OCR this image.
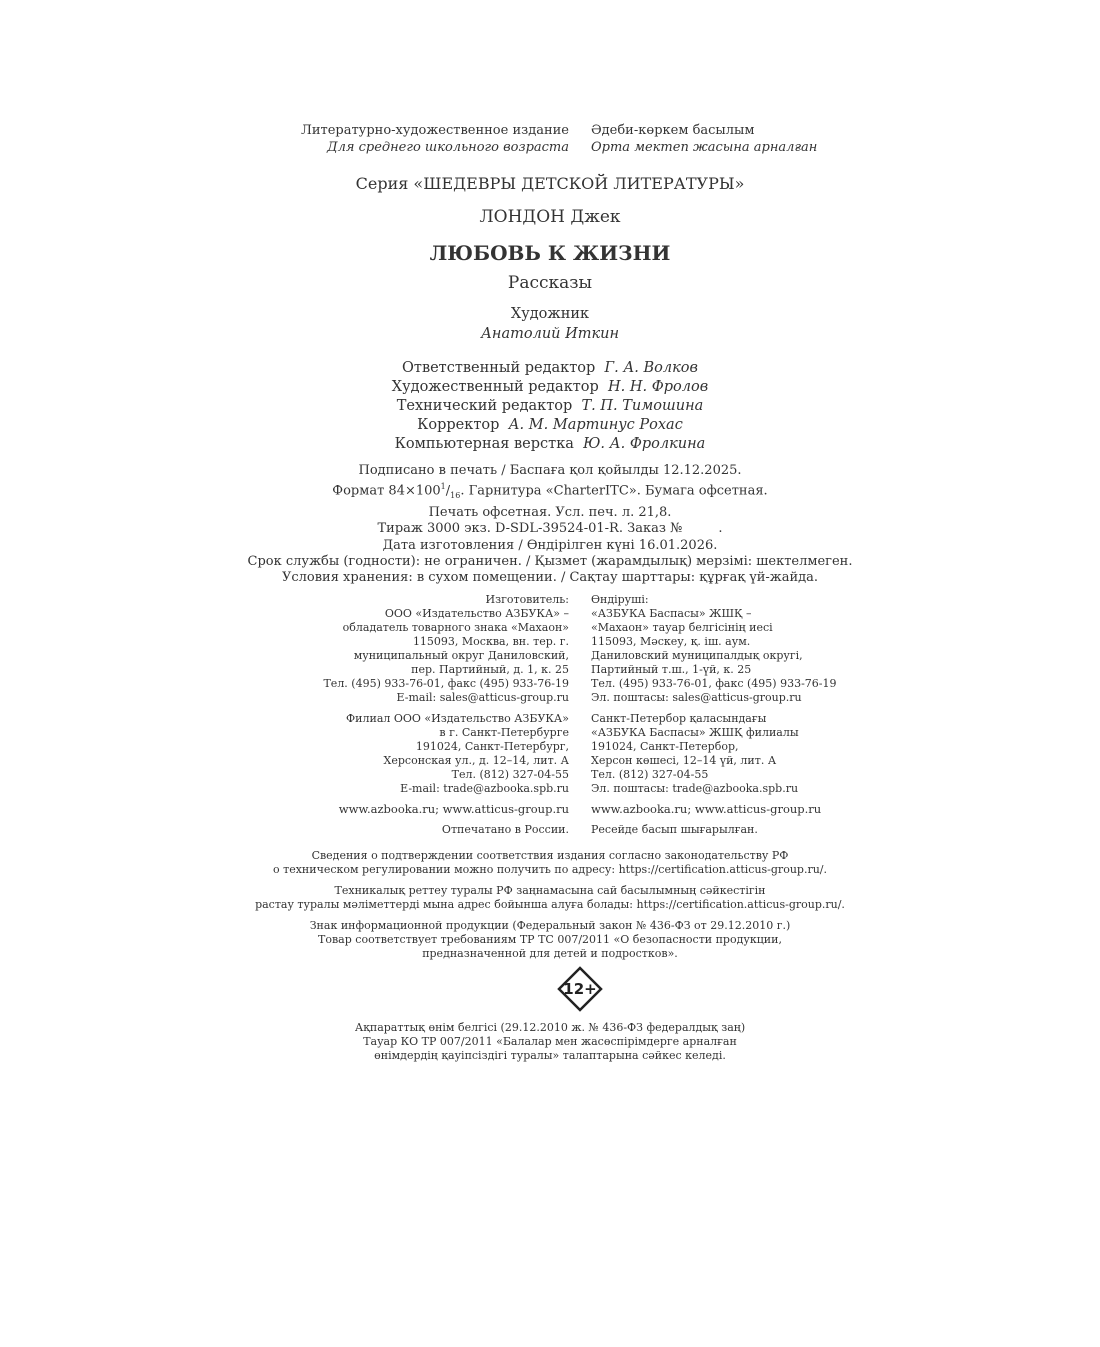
Литературно-художественное издание Әдеби-көркем басылым
Для среднего школьного возраста Орта мектеп жасына арналған
Серия «ШЕДЕВРЫ ДЕТСКОЙ ЛИТЕРАТУРЫ»
ЛОНДОН Джек
ЛЮБОВЬ К ЖИЗНИ
Рассказы
Художник
Анатолий Иткин
Ответственный редактор Г. А. Волков
Художественный редактор Н. Н. Фролов
Технический редактор Т. П. Тимошина
Корректор А. М. Мартинус Рохас
Компьютерная верстка Ю. А. Фролкина
Подписано в печать / Баспаға қол қойылды 12.12.2025.
Формат $84\times 100^1/_{16}$. Гарнитура «CharterITC». Бумага офсетная.
Печать офсетная. Усл. печ. л. 21,8.
Тираж 3000 экз. D-SDL-39524-01-R. Заказ №	.
Дата изготовления / Өндірілген күні 16.01.2026.
Срок службы (годности): не ограничен. / Қызмет (жарамдылық) мерзімі: шектелмеген.
Условия хранения: в сухом помещении. / Сақтау шарттары: құрғақ үй-жайда.
Изготовитель:
ООО «Издательство АЗБУКА» –
обладатель товарного знака «Махаон»
115093, Москва, вн. тер. г.
муниципальный округ Даниловский,
пер. Партийный, д. 1, к. 25
Тел. (495) 933-76-01, факс (495) 933-76-19
E-mail: sales@atticus-group.ru
Өндіруші:
«АЗБУКА Баспасы» ЖШҚ –
«Махаон» тауар белгісінің иесі
115093, Мәскеу, қ. іш. аум.
Даниловский муниципалдық округі,
Партийный т.ш., 1-үй, к. 25
Тел. (495) 933-76-01, факс (495) 933-76-19
Эл. поштасы: sales@atticus-group.ru
Филиал ООО «Издательство АЗБУКА»
в г. Санкт-Петербурге
191024, Санкт-Петербург,
Херсонская ул., д. 12–14, лит. А
Тел. (812) 327-04-55
E-mail: trade@azbooka.spb.ru
Санкт-Петербор қаласындағы
«АЗБУКА Баспасы» ЖШҚ филиалы
191024, Санкт-Петербор,
Херсон көшесі, 12–14 үй, лит. А
Тел. (812) 327-04-55
Эл. поштасы: trade@azbooka.spb.ru
www.azbooka.ru; www.atticus-group.ru www.azbooka.ru; www.atticus-group.ru
Отпечатано в России. Ресейде басып шығарылған.
Сведения о подтверждении соответствия издания согласно законодательству РФ
о техническом регулировании можно получить по адресу: https://certification.atticus-group.ru/.
Техникалық реттеу туралы РФ заңнамасына сай басылымның сәйкестігін
растау туралы мәліметтерді мына адрес бойынша алуға болады: https://certification.atticus-group.ru/.
Знак информационной продукции (Федеральный закон № 436-ФЗ от 29.12.2010 г.)
Товар соответствует требованиям ТР ТС 007/2011 «О безопасности продукции,
предназначенной для детей и подростков».
12+
Ақпараттық өнім белгісі (29.12.2010 ж. № 436-ФЗ федералдық заң)
Тауар КО ТР 007/2011 «Балалар мен жасөспірімдерге арналған
өнімдердің қауіпсіздігі туралы» талаптарына сәйкес келеді.
